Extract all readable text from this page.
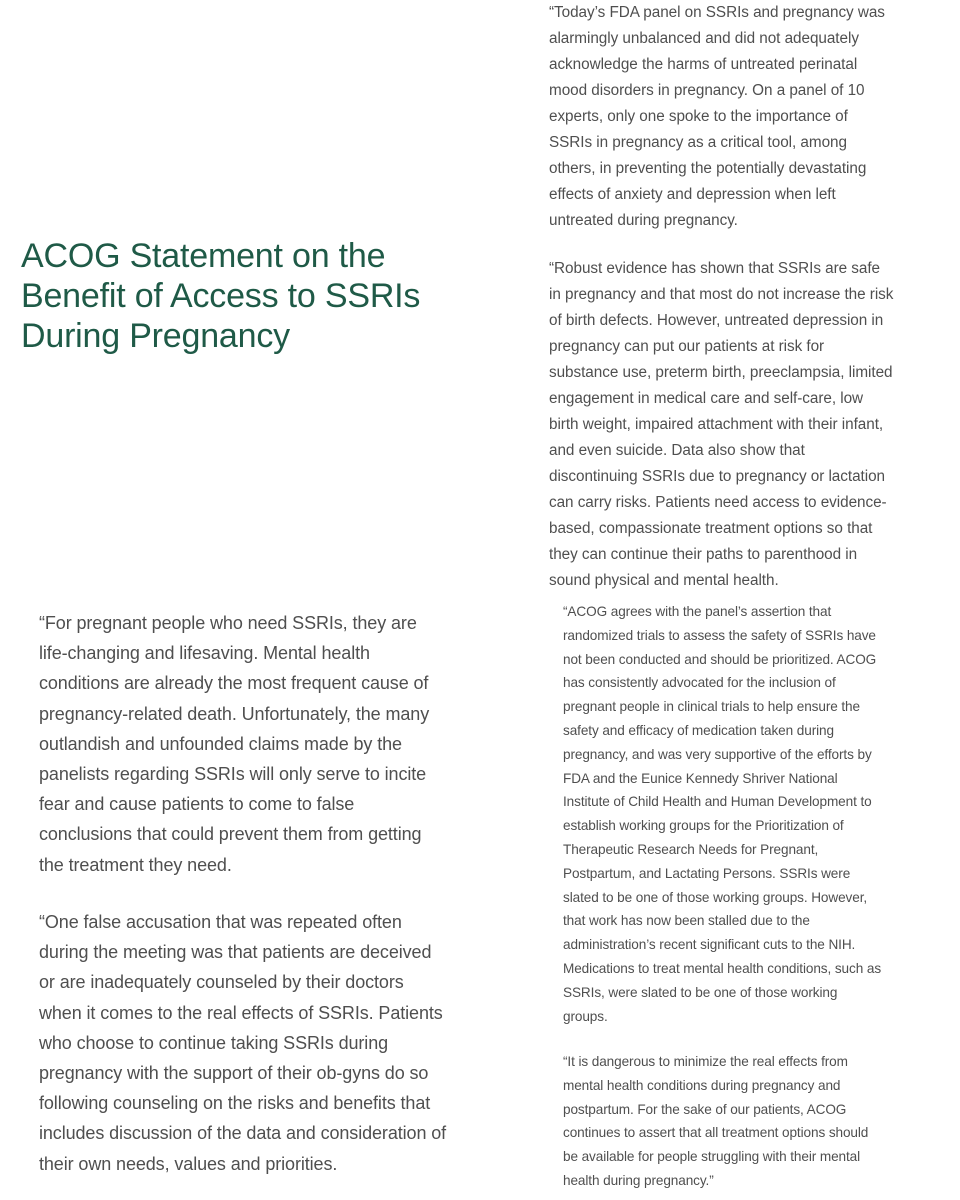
ACOG Statement on the Benefit of Access to SSRIs During Pregnancy

“For pregnant people who need SSRIs, they are life-changing and lifesaving. Mental health conditions are already the most frequent cause of pregnancy-related death. Unfortunately, the many outlandish and unfounded claims made by the panelists regarding SSRIs will only serve to incite fear and cause patients to come to false conclusions that could prevent them from getting the treatment they need.

“One false accusation that was repeated often during the meeting was that patients are deceived or are inadequately counseled by their doctors when it comes to the real effects of SSRIs. Patients who choose to continue taking SSRIs during pregnancy with the support of their ob-gyns do so following counseling on the risks and benefits that includes discussion of the data and consideration of their own needs, values and priorities.

“Today’s FDA panel on SSRIs and pregnancy was alarmingly unbalanced and did not adequately acknowledge the harms of untreated perinatal mood disorders in pregnancy. On a panel of 10 experts, only one spoke to the importance of SSRIs in pregnancy as a critical tool, among others, in preventing the potentially devastating effects of anxiety and depression when left untreated during pregnancy.

“Robust evidence has shown that SSRIs are safe in pregnancy and that most do not increase the risk of birth defects. However, untreated depression in pregnancy can put our patients at risk for substance use, preterm birth, preeclampsia, limited engagement in medical care and self-care, low birth weight, impaired attachment with their infant, and even suicide. Data also show that discontinuing SSRIs due to pregnancy or lactation can carry risks. Patients need access to evidence-based, compassionate treatment options so that they can continue their paths to parenthood in sound physical and mental health.

“ACOG agrees with the panel’s assertion that randomized trials to assess the safety of SSRIs have not been conducted and should be prioritized. ACOG has consistently advocated for the inclusion of pregnant people in clinical trials to help ensure the safety and efficacy of medication taken during pregnancy, and was very supportive of the efforts by FDA and the Eunice Kennedy Shriver National Institute of Child Health and Human Development to establish working groups for the Prioritization of Therapeutic Research Needs for Pregnant, Postpartum, and Lactating Persons. SSRIs were slated to be one of those working groups. However, that work has now been stalled due to the administration’s recent significant cuts to the NIH. Medications to treat mental health conditions, such as SSRIs, were slated to be one of those working groups.

“It is dangerous to minimize the real effects from mental health conditions during pregnancy and postpartum. For the sake of our patients, ACOG continues to assert that all treatment options should be available for people struggling with their mental health during pregnancy.”
